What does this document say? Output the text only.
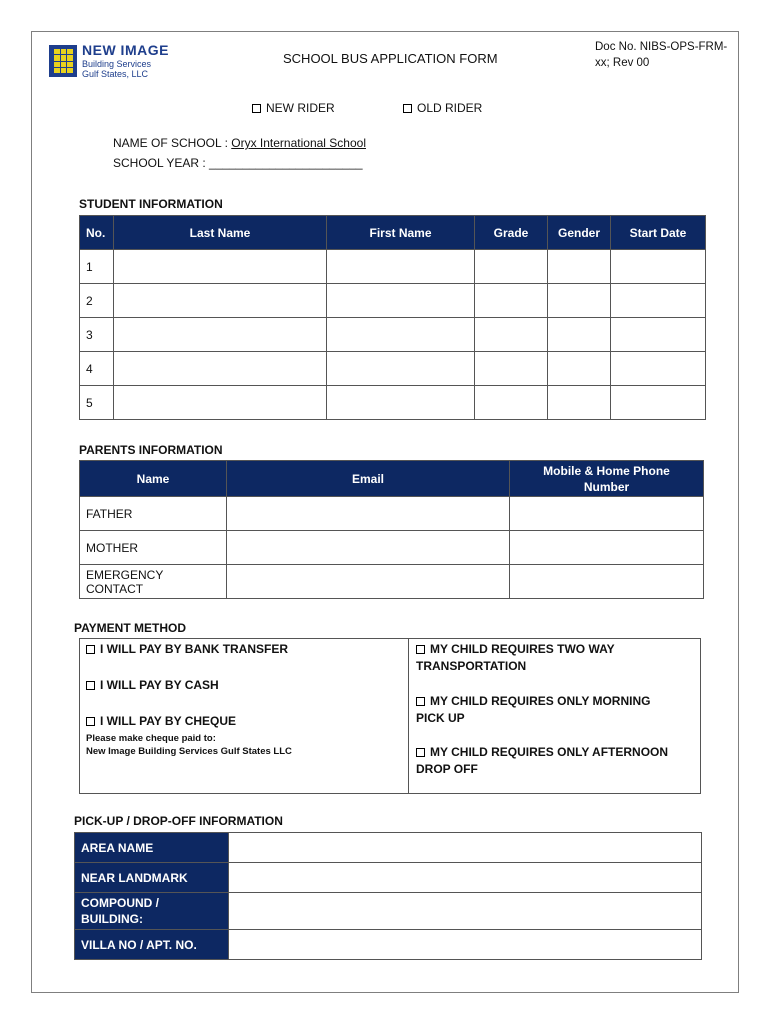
NEW IMAGE
Building Services
Gulf States, LLC
SCHOOL BUS APPLICATION FORM
Doc No. NIBS-OPS-FRM-
xx; Rev 00
NEW RIDER	OLD RIDER
NAME OF SCHOOL : Oryx International School
SCHOOL YEAR : _______________________
STUDENT INFORMATION
No.	Last Name	First Name	Grade	Gender	Start Date
1					
2					
3					
4					
5					
PARENTS INFORMATION
Name	Email	Mobile & Home Phone
Number

FATHER		
MOTHER		
EMERGENCY CONTACT		
PAYMENT METHOD
I WILL PAY BY BANK TRANSFER
I WILL PAY BY CASH
I WILL PAY BY CHEQUE
Please make cheque paid to:
New Image Building Services Gulf States LLC
MY CHILD REQUIRES TWO WAY
TRANSPORTATION
MY CHILD REQUIRES ONLY MORNING
PICK UP
MY CHILD REQUIRES ONLY AFTERNOON
DROP OFF
PICK-UP / DROP-OFF INFORMATION
AREA NAME	
NEAR LANDMARK	

COMPOUND /
BUILDING:	

VILLA NO / APT. NO.	
